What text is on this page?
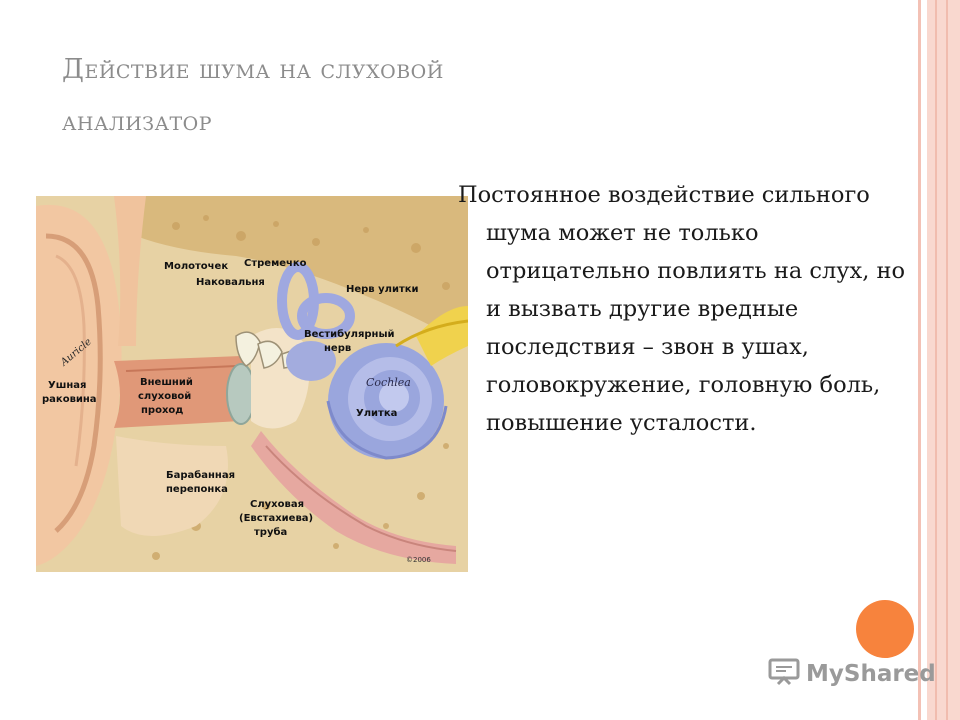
Действие шума на слуховой
анализатор
Молоточек Стремечко
Наковальня
Нерв улитки
Вестибулярный
нерв
Auricle
Ушная
раковина
Внешний
слуховой
проход
Cochlea
Улитка
Барабанная
перепонка
Слуховая
(Евстахиева)
труба
©2006
Постоянное воздействие сильного шума может не только отрицательно повлиять на слух, но и вызвать другие вредные последствия – звон в ушах, головокружение, головную боль, повышение усталости.
MyShared
